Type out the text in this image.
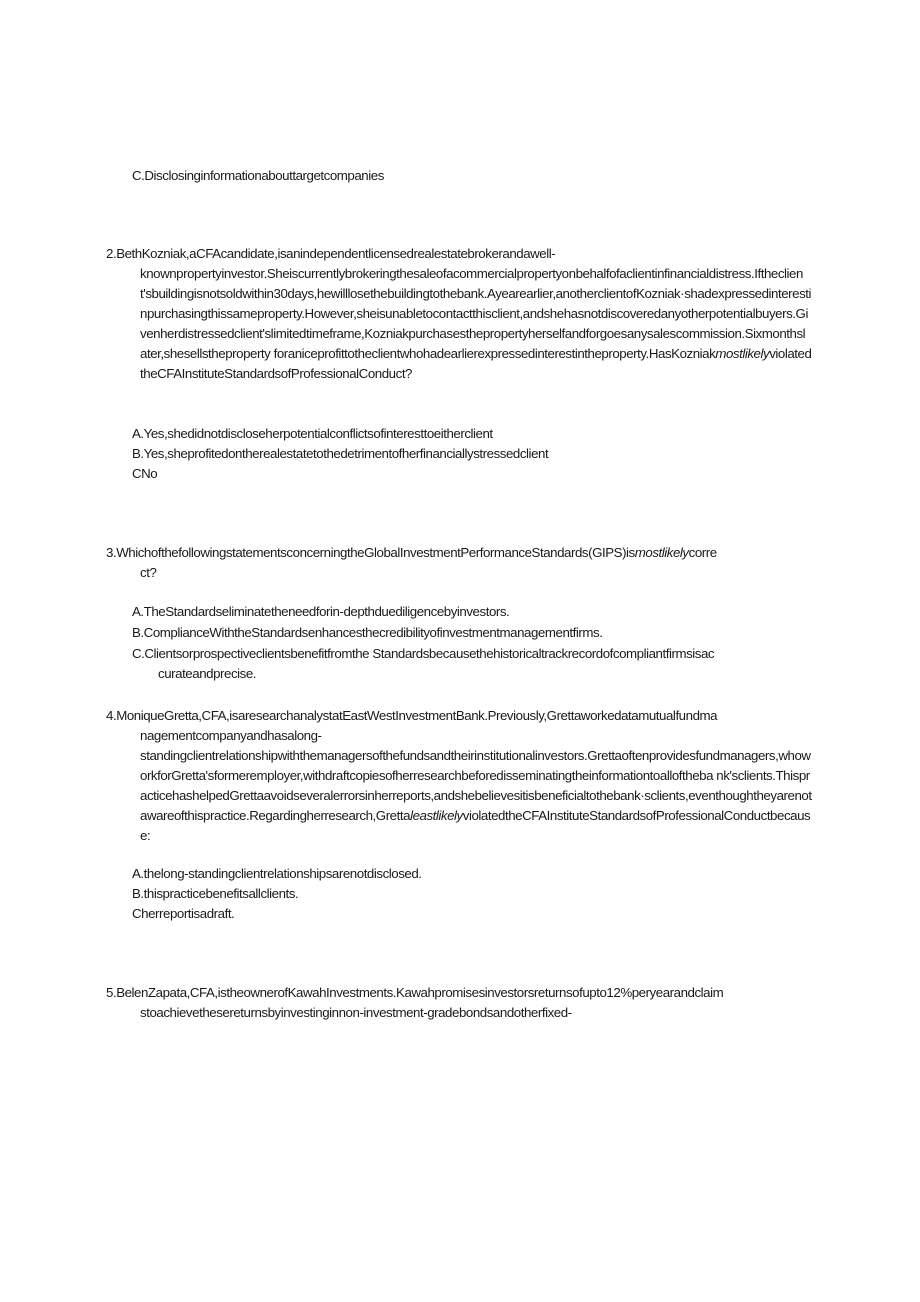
C.Disclosinginformationabouttargetcompanies
2.BethKozniak,aCFAcandidate,isanindependentlicensedrealestatebrokerandawell-
knownpropertyinvestor.Sheiscurrentlybrokeringthesaleofacommercialpropertyonbehalfofaclientinfinancialdistress.Iftheclient'sbuildingisnotsoldwithin30days,hewilllosethebuildingtothebank.Ayearearlier,anotherclientofKozniak·shadexpressedinterestinpurchasingthissameproperty.However,sheisunabletocontactthisclient,andshehasnotdiscoveredanyotherpotentialbuyers.Givenherdistressedclient'slimitedtimeframe,Kozniakpurchasesthepropertyherselfandforgoesanysalescommission.Sixmonthslater,shesellstheproperty foraniceprofittotheclientwhohadearlierexpressedinterestintheproperty.HasKozniakmostlikelyviolatedtheCFAInstituteStandardsofProfessionalConduct?
A.Yes,shedidnotdiscloseherpotentialconflictsofinteresttoeitherclient
B.Yes,sheprofitedontherealestatetothedetrimentofherfinanciallystressedclient
CNo
3.WhichofthefollowingstatementsconcerningtheGlobalInvestmentPerformanceStandards(GIPS)ismostlikelycorre
ct?
A.TheStandardseliminatetheneedforin-depthduediligencebyinvestors.
B.ComplianceWiththeStandardsenhancesthecredibilityofinvestmentmanagementfirms.
C.Clientsorprospectiveclientsbenefitfromthe Standardsbecausethehistoricaltrackrecordofcompliantfirmsisac
curateandprecise.
4.MoniqueGretta,CFA,isaresearchanalystatEastWestInvestmentBank.Previously,Grettaworkedatamutualfundma
nagementcompanyandhasalong-
standingclientrelationshipwiththemanagersofthefundsandtheirinstitutionalinvestors.Grettaoftenprovidesfundmanagers,whoworkforGretta'sformeremployer,withdraftcopiesofherresearchbeforedisseminatingtheinformationtoalloftheba nk'sclients.ThispracticehashelpedGrettaavoidseveralerrorsinherreports,andshebelievesitisbeneficialtothebank·sclients,eventhoughtheyarenotawareofthispractice.Regardingherresearch,GrettaleastlikelyviolatedtheCFAInstituteStandardsofProfessionalConductbecause:
A.thelong-standingclientrelationshipsarenotdisclosed.
B.thispracticebenefitsallclients.
Cherreportisadraft.
5.BelenZapata,CFA,istheownerofKawahInvestments.Kawahpromisesinvestorsreturnsofupto12%peryearandclaim
stoachievethesereturnsbyinvestinginnon-investment-gradebondsandotherfixed-
